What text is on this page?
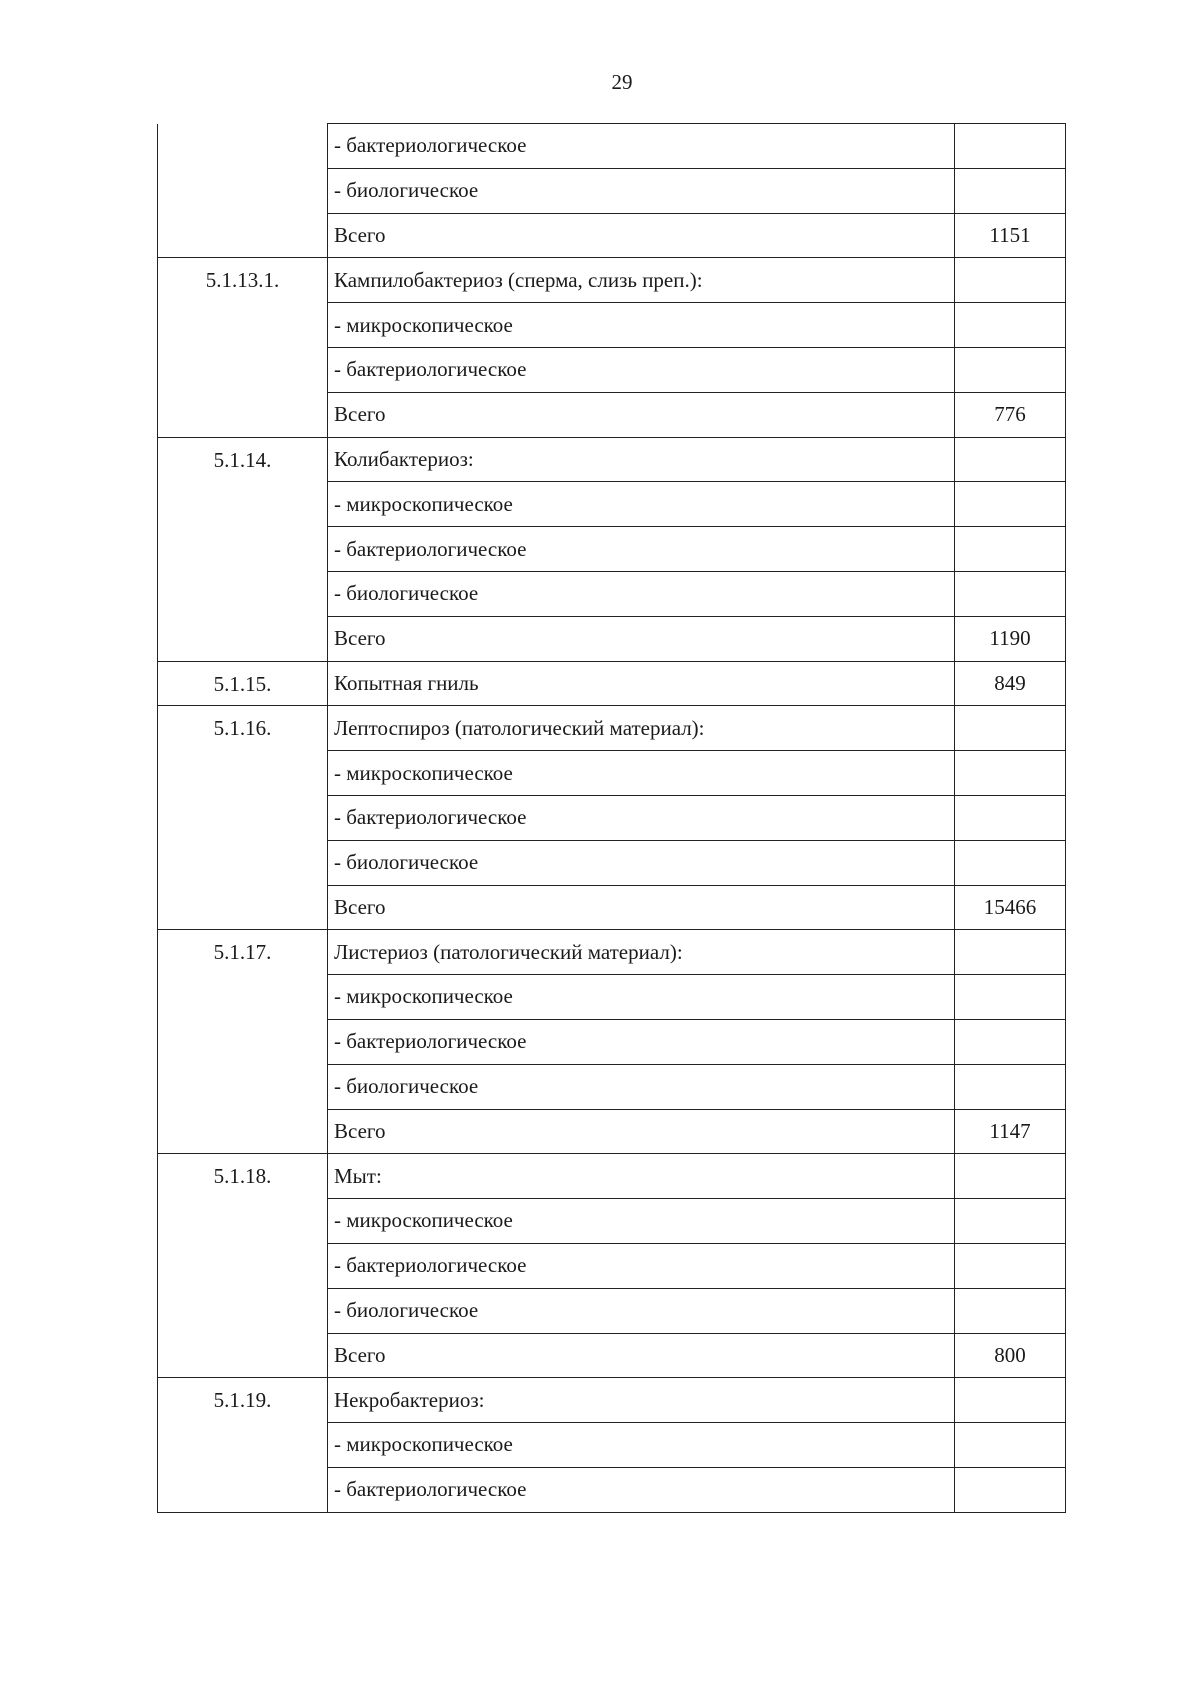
29
	- бактериологическое	
	- биологическое	
	Всего	1151
5.1.13.1.	Кампилобактериоз (сперма, слизь преп.):	
	- микроскопическое	
	- бактериологическое	
	Всего	776
5.1.14.	Колибактериоз:	
	- микроскопическое	
	- бактериологическое	
	- биологическое	
	Всего	1190
5.1.15.	Копытная гниль	849
5.1.16.	Лептоспироз (патологический материал):	
	- микроскопическое	
	- бактериологическое	
	- биологическое	
	Всего	15466
5.1.17.	Листериоз (патологический материал):	
	- микроскопическое	
	- бактериологическое	
	- биологическое	
	Всего	1147
5.1.18.	Мыт:	
	- микроскопическое	
	- бактериологическое	
	- биологическое	
	Всего	800
5.1.19.	Некробактериоз:	
	- микроскопическое	
	- бактериологическое	
